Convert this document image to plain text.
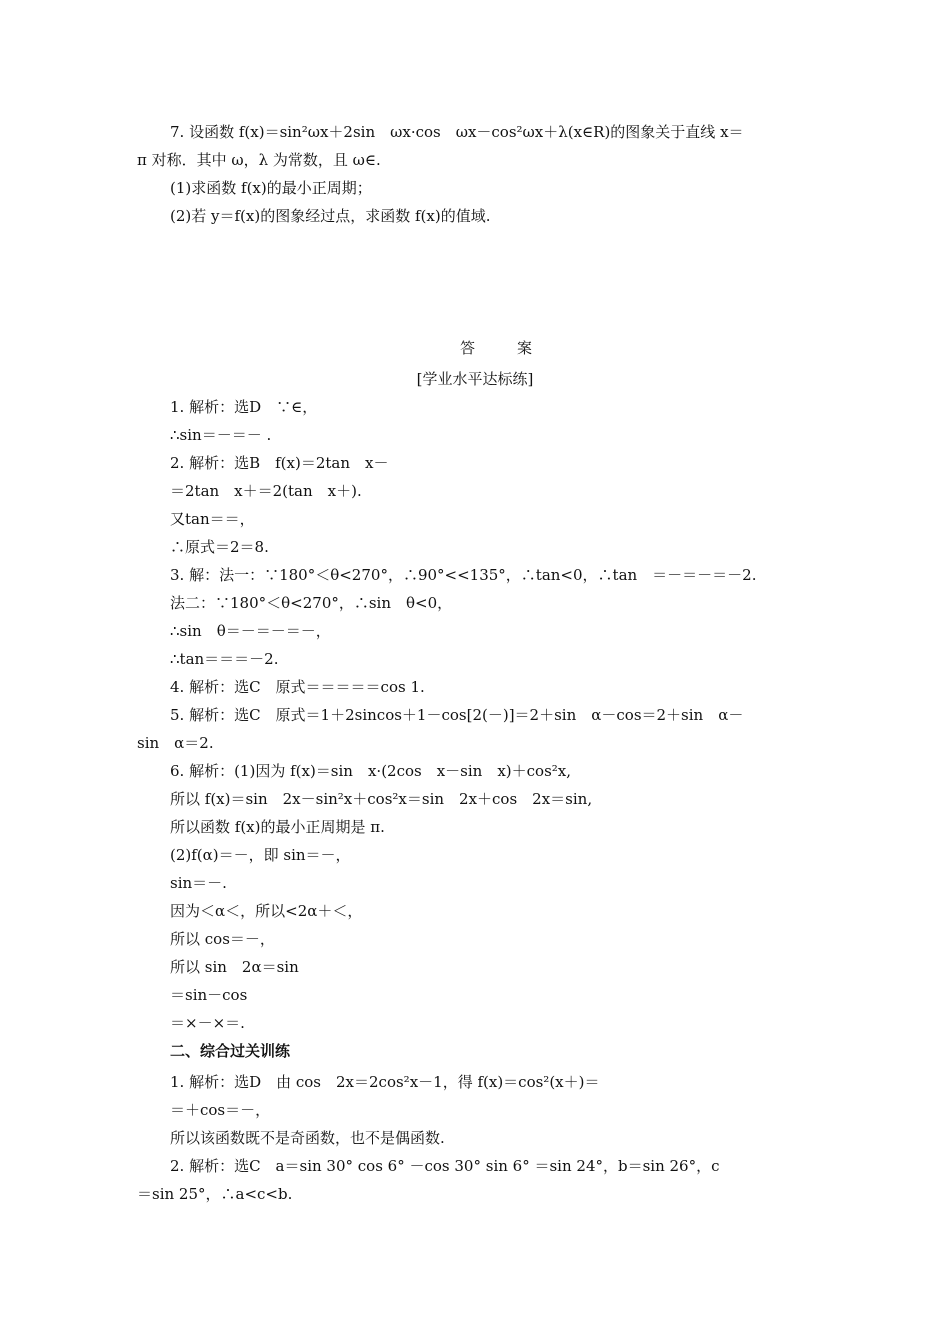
7. 设函数 f(x)＝sin²ωx＋2sin　ωx·cos　ωx－cos²ωx＋λ(x∈R)的图象关于直线 x＝
π 对称．其中 ω，λ 为常数，且 ω∈.
(1)求函数 f(x)的最小正周期；
(2)若 y＝f(x)的图象经过点，求函数 f(x)的值域.
答案
[学业水平达标练]
1. 解析：选D　∵∈，
∴sin＝－＝－ .
2. 解析：选B　f(x)＝2tan　x－
＝2tan　x＋＝2(tan　x＋).
又tan＝＝，
∴原式＝2＝8.
3. 解：法一：∵180°＜θ<270°，∴90°<<135°，∴tan<0，∴tan　＝－＝－＝－2.
法二：∵180°＜θ<270°，∴sin　θ<0，
∴sin　θ＝－＝－＝－，
∴tan＝＝＝－2.
4. 解析：选C　原式＝＝＝＝＝cos 1.
5. 解析：选C　原式＝1＋2sincos＋1－cos[2(－)]＝2＋sin　α－cos＝2＋sin　α－
sin　α＝2.
6. 解析：(1)因为 f(x)＝sin　x·(2cos　x－sin　x)＋cos²x,
所以 f(x)＝sin　2x－sin²x＋cos²x＝sin　2x＋cos　2x＝sin,
所以函数 f(x)的最小正周期是 π.
(2)f(α)＝－，即 sin＝－，
sin＝－.
因为＜α＜，所以<2α＋＜，
所以 cos＝－，
所以 sin　2α＝sin
＝sin－cos
＝×－×＝.
二、综合过关训练
1. 解析：选D　由 cos　2x＝2cos²x－1，得 f(x)＝cos²(x＋)＝
＝＋cos＝－，
所以该函数既不是奇函数，也不是偶函数.
2. 解析：选C　a＝sin 30° cos 6° －cos 30° sin 6° ＝sin 24°，b＝sin 26°，c
＝sin 25°，∴a<c<b.
